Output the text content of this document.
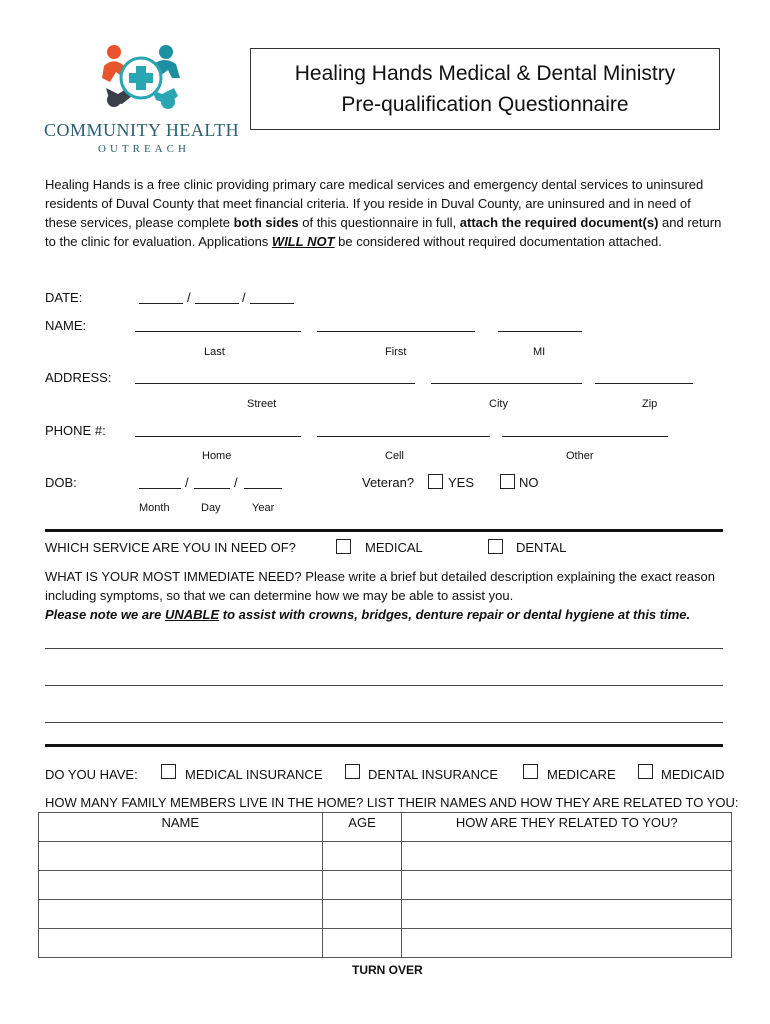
COMMUNITY HEALTH
OUTREACH
Healing Hands Medical & Dental Ministry
Pre-qualification Questionnaire
Healing Hands is a free clinic providing primary care medical services and emergency dental services to uninsured residents of Duval County that meet financial criteria. If you reside in Duval County, are uninsured and in need of these services, please complete both sides of this questionnaire in full, attach the required document(s) and return to the clinic for evaluation. Applications WILL NOT be considered without required documentation attached.
DATE:	/	/
NAME:
Last	First	MI
ADDRESS:
Street	City	Zip
PHONE #:
Home	Cell	Other
DOB:	/	/
Month	Day	Year
Veteran?	YES	NO
WHICH SERVICE ARE YOU IN NEED OF?	MEDICAL	DENTAL
WHAT IS YOUR MOST IMMEDIATE NEED? Please write a brief but detailed description explaining the exact reason including symptoms, so that we can determine how we may be able to assist you.
Please note we are UNABLE to assist with crowns, bridges, denture repair or dental hygiene at this time.
DO YOU HAVE:	MEDICAL INSURANCE	DENTAL INSURANCE	MEDICARE	MEDICAID
HOW MANY FAMILY MEMBERS LIVE IN THE HOME? LIST THEIR NAMES AND HOW THEY ARE RELATED TO YOU:
NAME	AGE	HOW ARE THEY RELATED TO YOU?

TURN OVER
